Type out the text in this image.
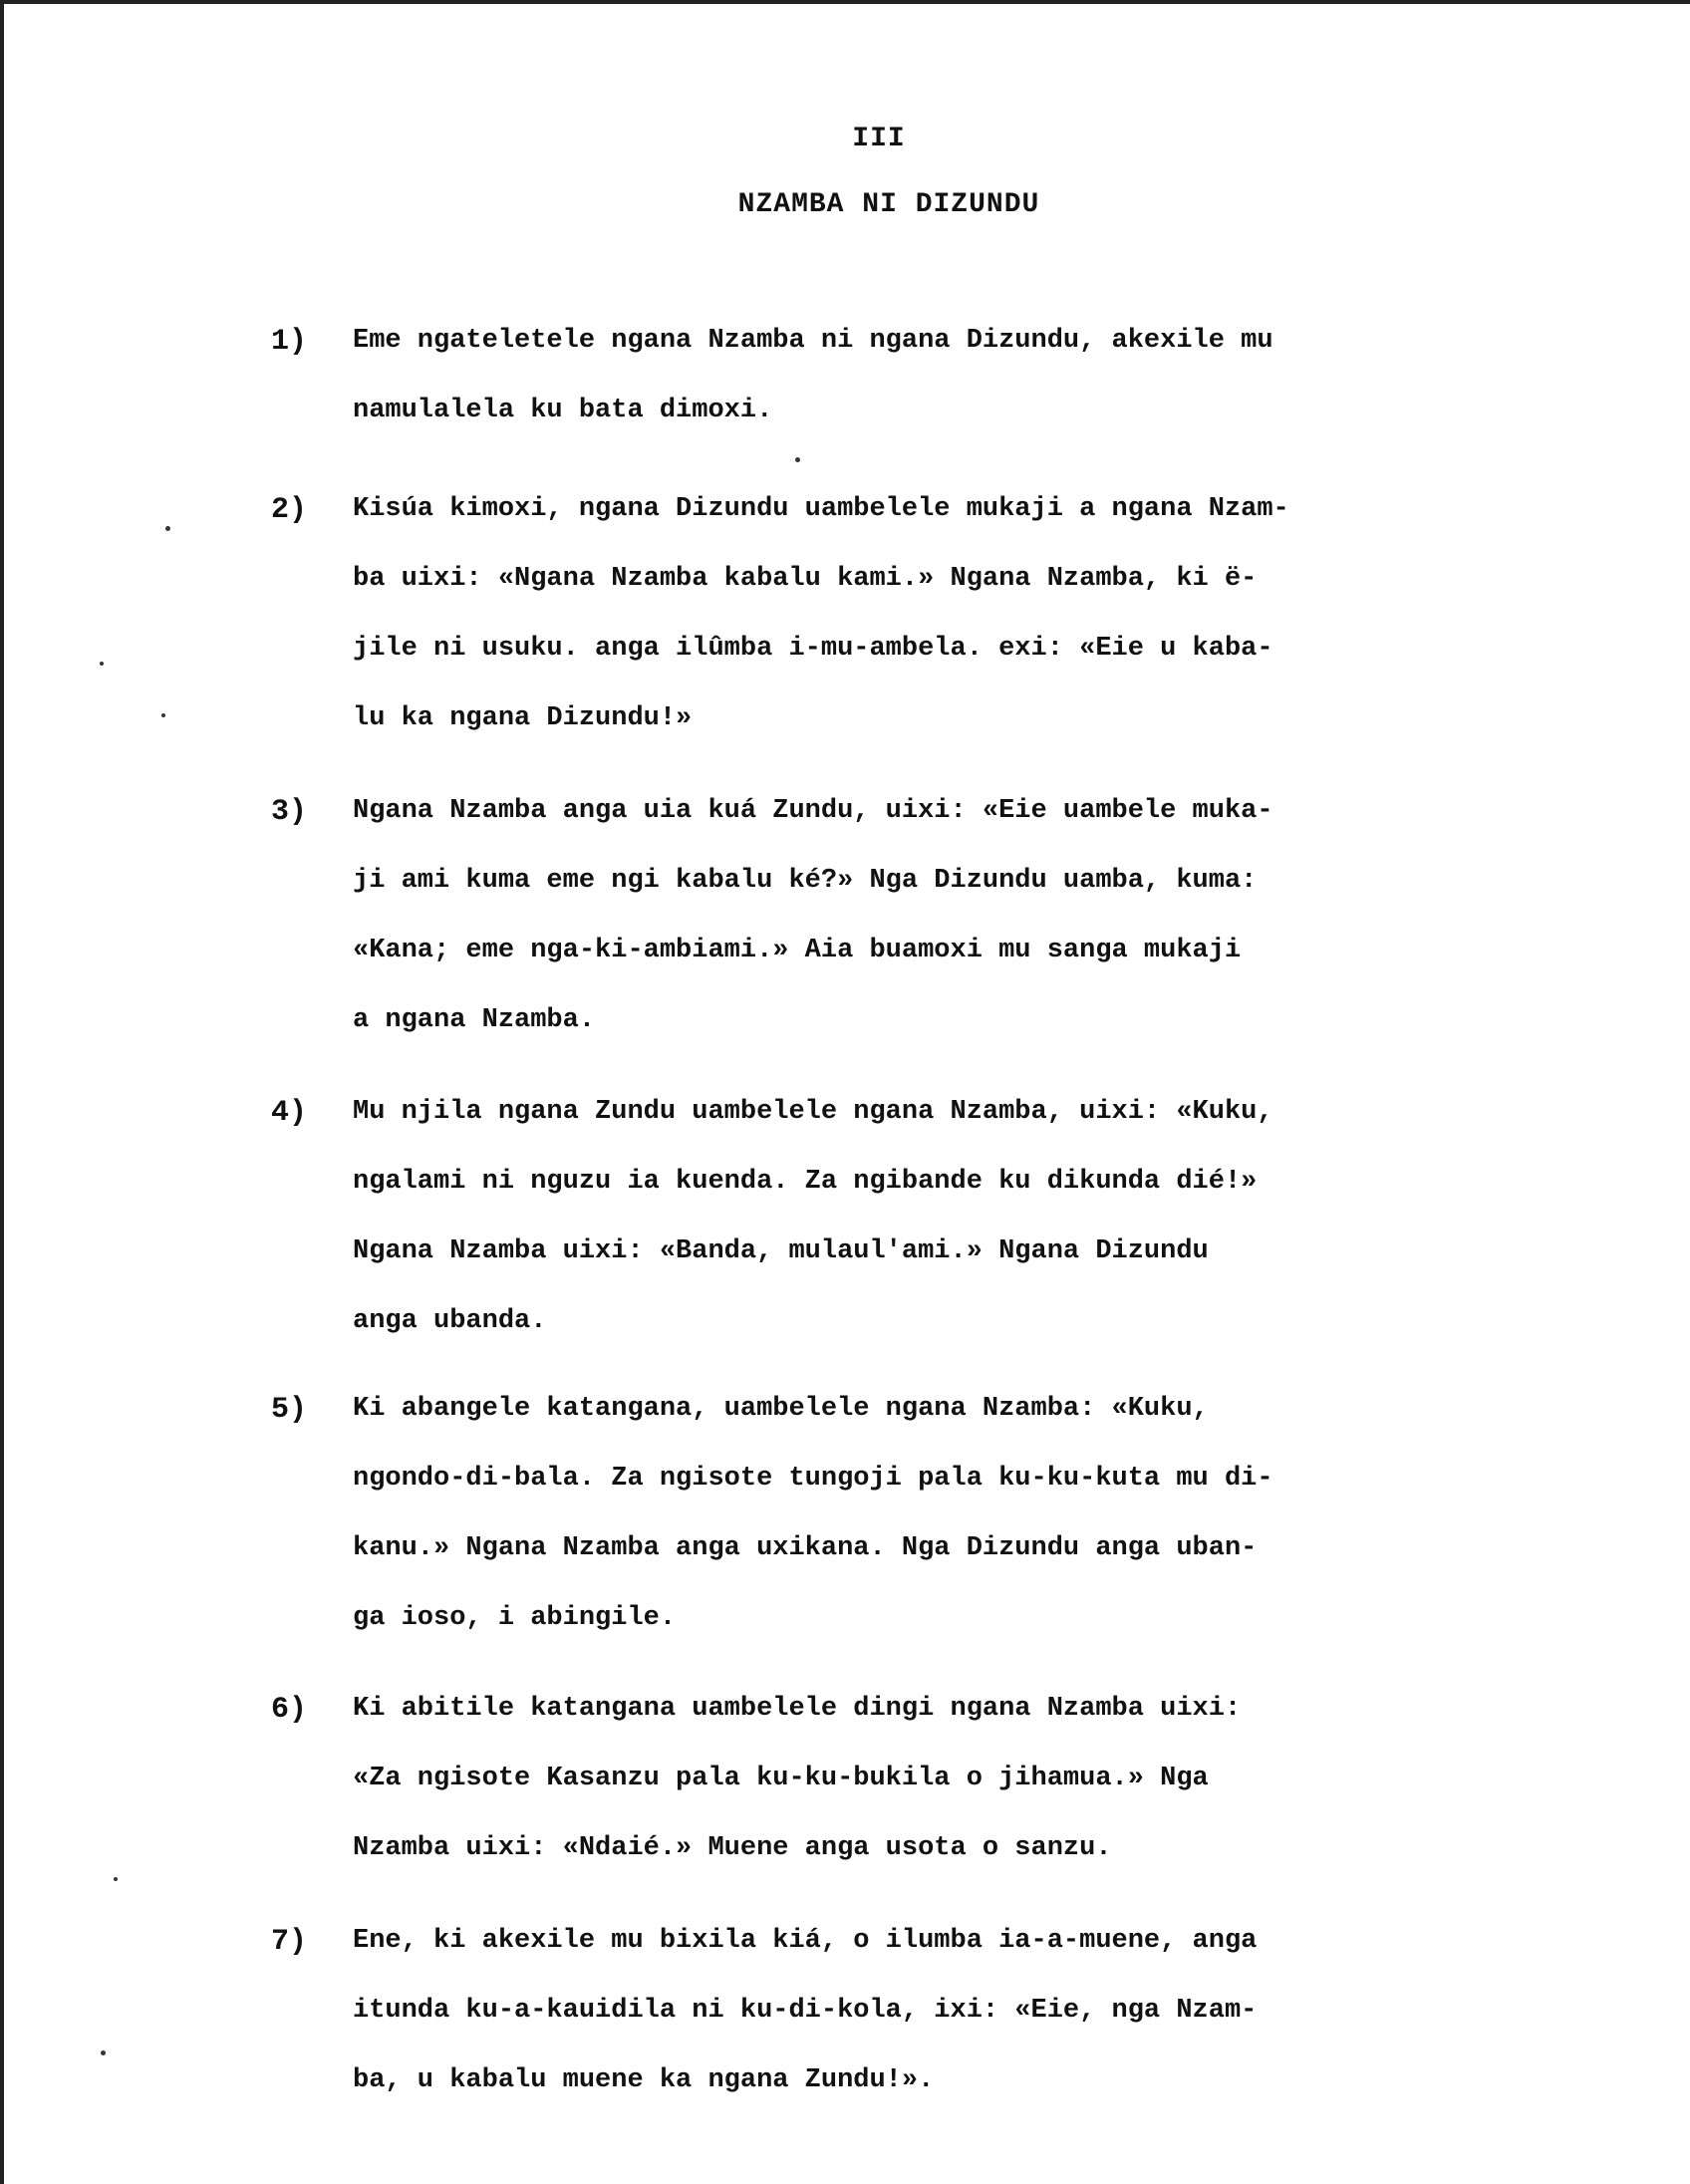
III
NZAMBA NI DIZUNDU
1)	Eme ngateletele ngana Nzamba ni ngana Dizundu, akexile mu
namulalela ku bata dimoxi.
2)	Kisúa kimoxi, ngana Dizundu uambelele mukaji a ngana Nzam-
ba uixi: «Ngana Nzamba kabalu kami.» Ngana Nzamba, ki ë-
jile ni usuku. anga ilûmba i-mu-ambela. exi: «Eie u kaba-
lu ka ngana Dizundu!»
3)	Ngana Nzamba anga uia kuá Zundu, uixi: «Eie uambele muka-
ji ami kuma eme ngi kabalu ké?» Nga Dizundu uamba, kuma:
«Kana; eme nga-ki-ambiami.» Aia buamoxi mu sanga mukaji
a ngana Nzamba.
4)	Mu njila ngana Zundu uambelele ngana Nzamba, uixi: «Kuku,
ngalami ni nguzu ia kuenda. Za ngibande ku dikunda dié!»
Ngana Nzamba uixi: «Banda, mulaul'ami.» Ngana Dizundu
anga ubanda.
5)	Ki abangele katangana, uambelele ngana Nzamba: «Kuku,
ngondo-di-bala. Za ngisote tungoji pala ku-ku-kuta mu di-
kanu.» Ngana Nzamba anga uxikana. Nga Dizundu anga uban-
ga ioso, i abingile.
6)	Ki abitile katangana uambelele dingi ngana Nzamba uixi:
«Za ngisote Kasanzu pala ku-ku-bukila o jihamua.» Nga
Nzamba uixi: «Ndaié.» Muene anga usota o sanzu.
7)	Ene, ki akexile mu bixila kiá, o ilumba ia-a-muene, anga
itunda ku-a-kauidila ni ku-di-kola, ixi: «Eie, nga Nzam-
ba, u kabalu muene ka ngana Zundu!».
